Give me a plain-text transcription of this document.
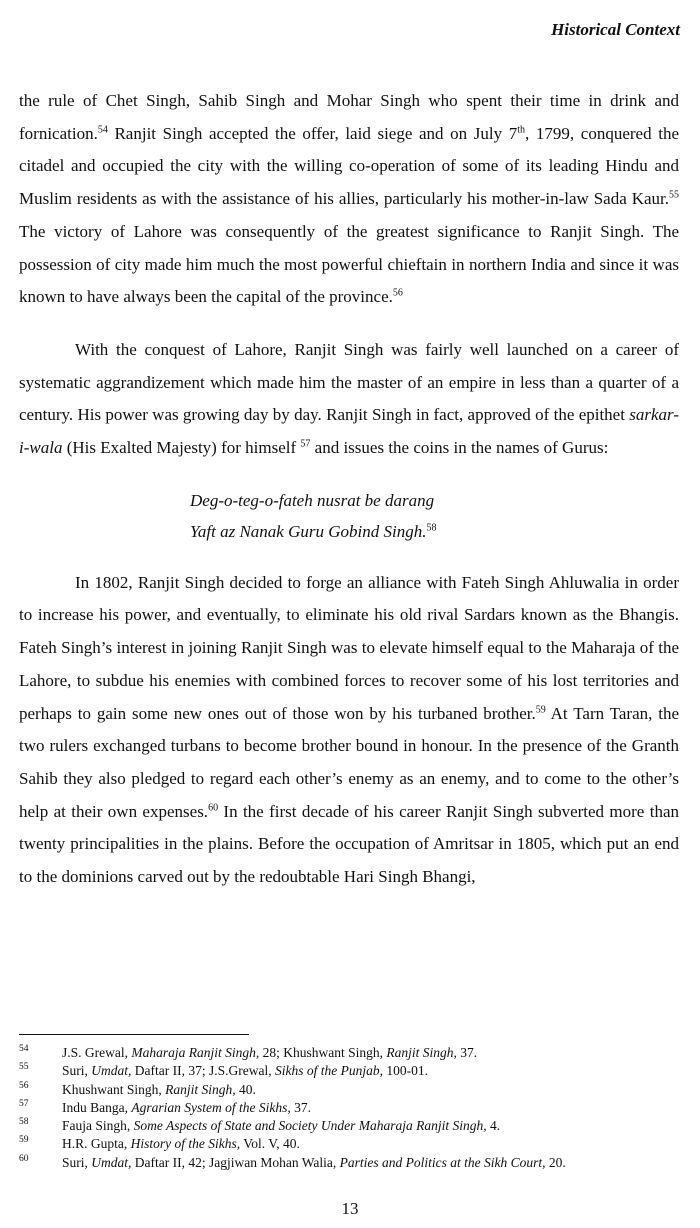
Historical Context

the rule of Chet Singh, Sahib Singh and Mohar Singh who spent their time in drink and fornication.$^{54}$ Ranjit Singh accepted the offer, laid siege and on July 7th, 1799, conquered the citadel and occupied the city with the willing co-operation of some of its leading Hindu and Muslim residents as with the assistance of his allies, particularly his mother-in-law Sada Kaur.$^{55}$ The victory of Lahore was consequently of the greatest significance to Ranjit Singh. The possession of city made him much the most powerful chieftain in northern India and since it was known to have always been the capital of the province.$^{56}$

With the conquest of Lahore, Ranjit Singh was fairly well launched on a career of systematic aggrandizement which made him the master of an empire in less than a quarter of a century. His power was growing day by day. Ranjit Singh in fact, approved of the epithet sarkar-i-wala (His Exalted Majesty) for himself $^{57}$ and issues the coins in the names of Gurus:

Deg-o-teg-o-fateh nusrat be darang
Yaft az Nanak Guru Gobind Singh.$^{58}$

In 1802, Ranjit Singh decided to forge an alliance with Fateh Singh Ahluwalia in order to increase his power, and eventually, to eliminate his old rival Sardars known as the Bhangis. Fateh Singh’s interest in joining Ranjit Singh was to elevate himself equal to the Maharaja of the Lahore, to subdue his enemies with combined forces to recover some of his lost territories and perhaps to gain some new ones out of those won by his turbaned brother.$^{59}$ At Tarn Taran, the two rulers exchanged turbans to become brother bound in honour. In the presence of the Granth Sahib they also pledged to regard each other’s enemy as an enemy, and to come to the other’s help at their own expenses.$^{60}$ In the first decade of his career Ranjit Singh subverted more than twenty principalities in the plains. Before the occupation of Amritsar in 1805, which put an end to the dominions carved out by the redoubtable Hari Singh Bhangi,

54 J.S. Grewal, Maharaja Ranjit Singh, 28; Khushwant Singh, Ranjit Singh, 37.
55 Suri, Umdat, Daftar II, 37; J.S.Grewal, Sikhs of the Punjab, 100-01.
56 Khushwant Singh, Ranjit Singh, 40.
57 Indu Banga, Agrarian System of the Sikhs, 37.
58 Fauja Singh, Some Aspects of State and Society Under Maharaja Ranjit Singh, 4.
59 H.R. Gupta, History of the Sikhs, Vol. V, 40.
60 Suri, Umdat, Daftar II, 42; Jagjiwan Mohan Walia, Parties and Politics at the Sikh Court, 20.
13
